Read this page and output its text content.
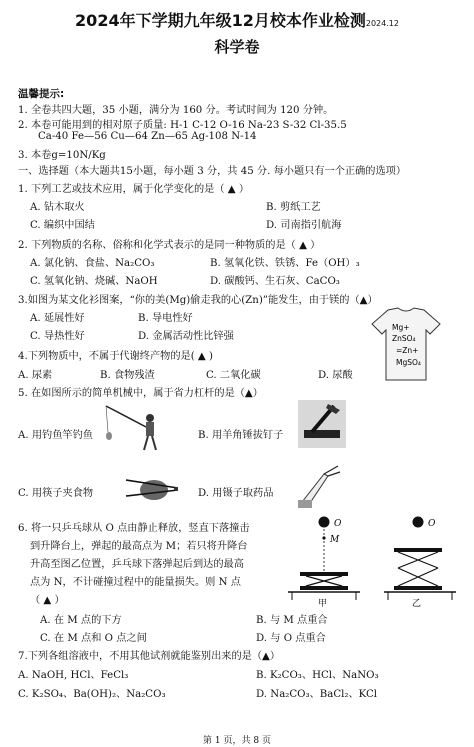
2024年下学期九年级12月校本作业检测2024.12
科学卷
温馨提示:
1. 全卷共四大题，35 小题，满分为 160 分。考试时间为 120 分钟。
2. 本卷可能用到的相对原子质量: H-1 C-12 O-16 Na-23 S-32 Cl-35.5
Ca-40 Fe—56 Cu—64 Zn—65 Ag-108 N-14
3. 本卷g=10N/Kg
一、选择题（本大题共15小题，每小题 3 分，共 45 分. 每小题只有一个正确的选项）
1. 下列工艺或技术应用，属于化学变化的是（ ▲ ）
A. 钻木取火	B. 剪纸工艺
C. 编织中国结	D. 司南指引航海
2. 下列物质的名称、俗称和化学式表示的是同一种物质的是（ ▲ ）
A. 氯化钠、食盐、Na₂CO₃	B. 氢氧化铁、铁锈、Fe（OH）₃
C. 氢氧化钠、烧碱、NaOH	D. 碳酸钙、生石灰、CaCO₃
3.如图为某文化衫图案，“你的美(Mg)偷走我的心(Zn)”能发生，由于镁的（▲）
A. 延展性好	B. 导电性好
C. 导热性好	D. 金属活动性比锌强
Mg+
ZnSO₄
=Zn+
MgSO₄
4.下列物质中，不属于代谢终产物的是( ▲ )
A. 尿素	B. 食物残渣	C. 二氧化碳	D. 尿酸
5. 在如图所示的简单机械中，属于省力杠杆的是（▲）
A. 用钓鱼竿钓鱼	B. 用羊角锤拔钉子
C. 用筷子夹食物	D. 用镊子取药品
6. 将一只乒乓球从 O 点由静止释放，竖直下落撞击
到升降台上，弹起的最高点为 M；若只将升降台
升高至图乙位置，乒乓球下落弹起后到达的最高
点为 N，不计碰撞过程中的能量损失。则 N 点
（ ▲ ）
A. 在 M 点的下方	B. 与 M 点重合
C. 在 M 点和 O 点之间	D. 与 O 点重合
O
M
甲
O
乙
7.下列各组溶液中，不用其他试剂就能鉴别出来的是（▲）
A. NaOH, HCl、FeCl₃	B. K₂CO₃、HCl、NaNO₃
C. K₂SO₄、Ba(OH)₂、Na₂CO₃	D. Na₂CO₃、BaCl₂、KCl
第 1 页，共 8 页
